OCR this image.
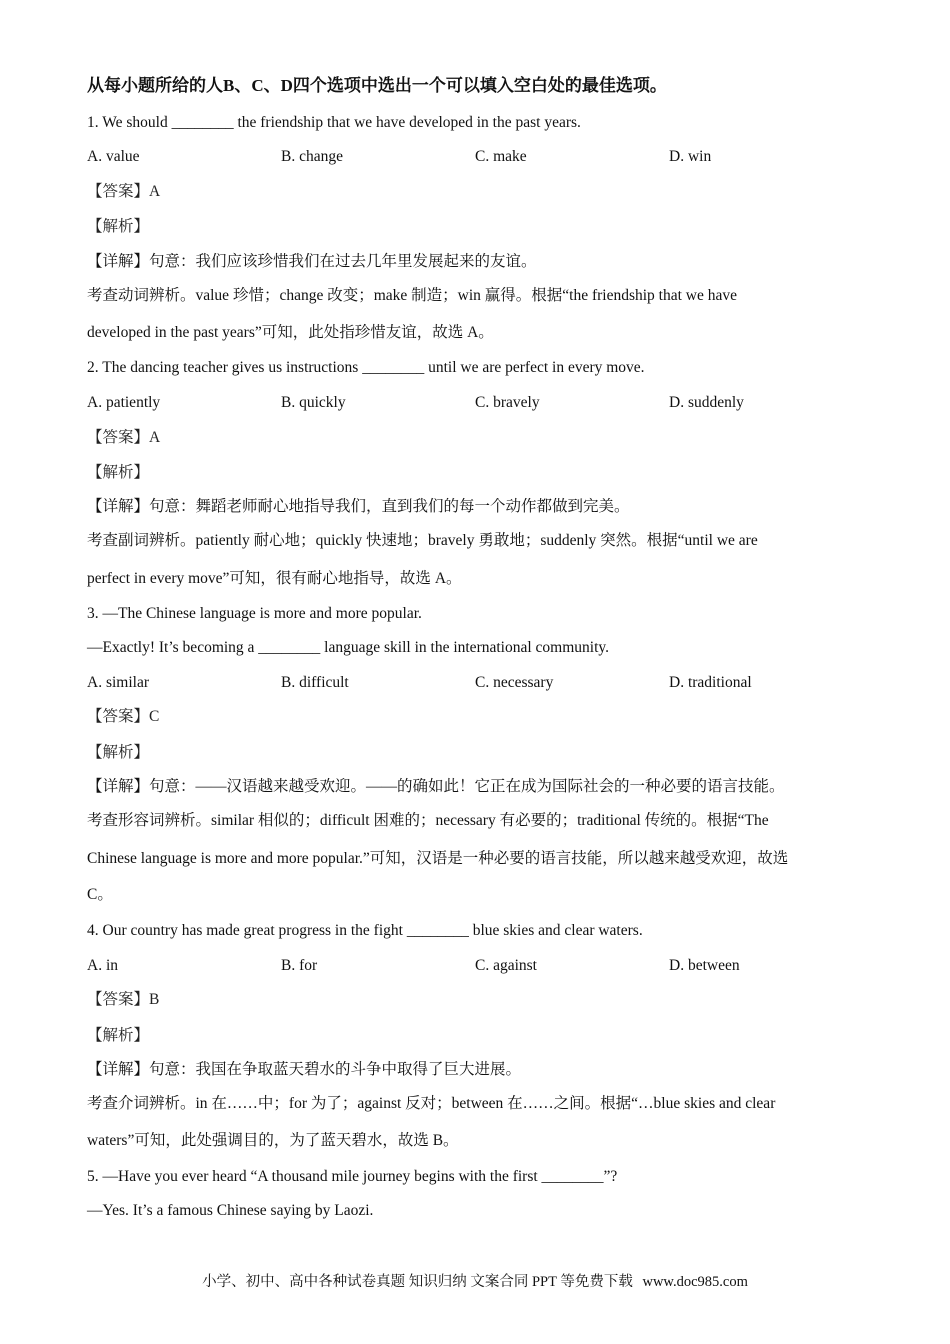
从每小题所给的人B、C、D四个选项中选出一个可以填入空白处的最佳选项。
1. We should ________ the friendship that we have developed in the past years.
A. value	B. change	C. make	D. win
【答案】A
【解析】
【详解】句意：我们应该珍惜我们在过去几年里发展起来的友谊。
考查动词辨析。value 珍惜；change 改变；make 制造；win 赢得。根据“the friendship that we have
developed in the past years”可知，此处指珍惜友谊，故选 A。
2. The dancing teacher gives us instructions ________ until we are perfect in every move.
A. patiently	B. quickly	C. bravely	D. suddenly
【答案】A
【解析】
【详解】句意：舞蹈老师耐心地指导我们，直到我们的每一个动作都做到完美。
考查副词辨析。patiently 耐心地；quickly 快速地；bravely 勇敢地；suddenly 突然。根据“until we are
perfect in every move”可知，很有耐心地指导，故选 A。
3. —The Chinese language is more and more popular.
—Exactly! It’s becoming a ________ language skill in the international community.
A. similar	B. difficult	C. necessary	D. traditional
【答案】C
【解析】
【详解】句意：——汉语越来越受欢迎。——的确如此！它正在成为国际社会的一种必要的语言技能。
考查形容词辨析。similar 相似的；difficult 困难的；necessary 有必要的；traditional 传统的。根据“The
Chinese language is more and more popular.”可知，汉语是一种必要的语言技能，所以越来越受欢迎，故选
C。
4. Our country has made great progress in the fight ________ blue skies and clear waters.
A. in	B. for	C. against	D. between
【答案】B
【解析】
【详解】句意：我国在争取蓝天碧水的斗争中取得了巨大进展。
考查介词辨析。in 在……中；for 为了；against 反对；between 在……之间。根据“…blue skies and clear
waters”可知，此处强调目的，为了蓝天碧水，故选 B。
5. —Have you ever heard “A thousand mile journey begins with the first ________”?
—Yes. It’s a famous Chinese saying by Laozi.
小学、初中、高中各种试卷真题 知识归纳 文案合同 PPT 等免费下载 www.doc985.com
